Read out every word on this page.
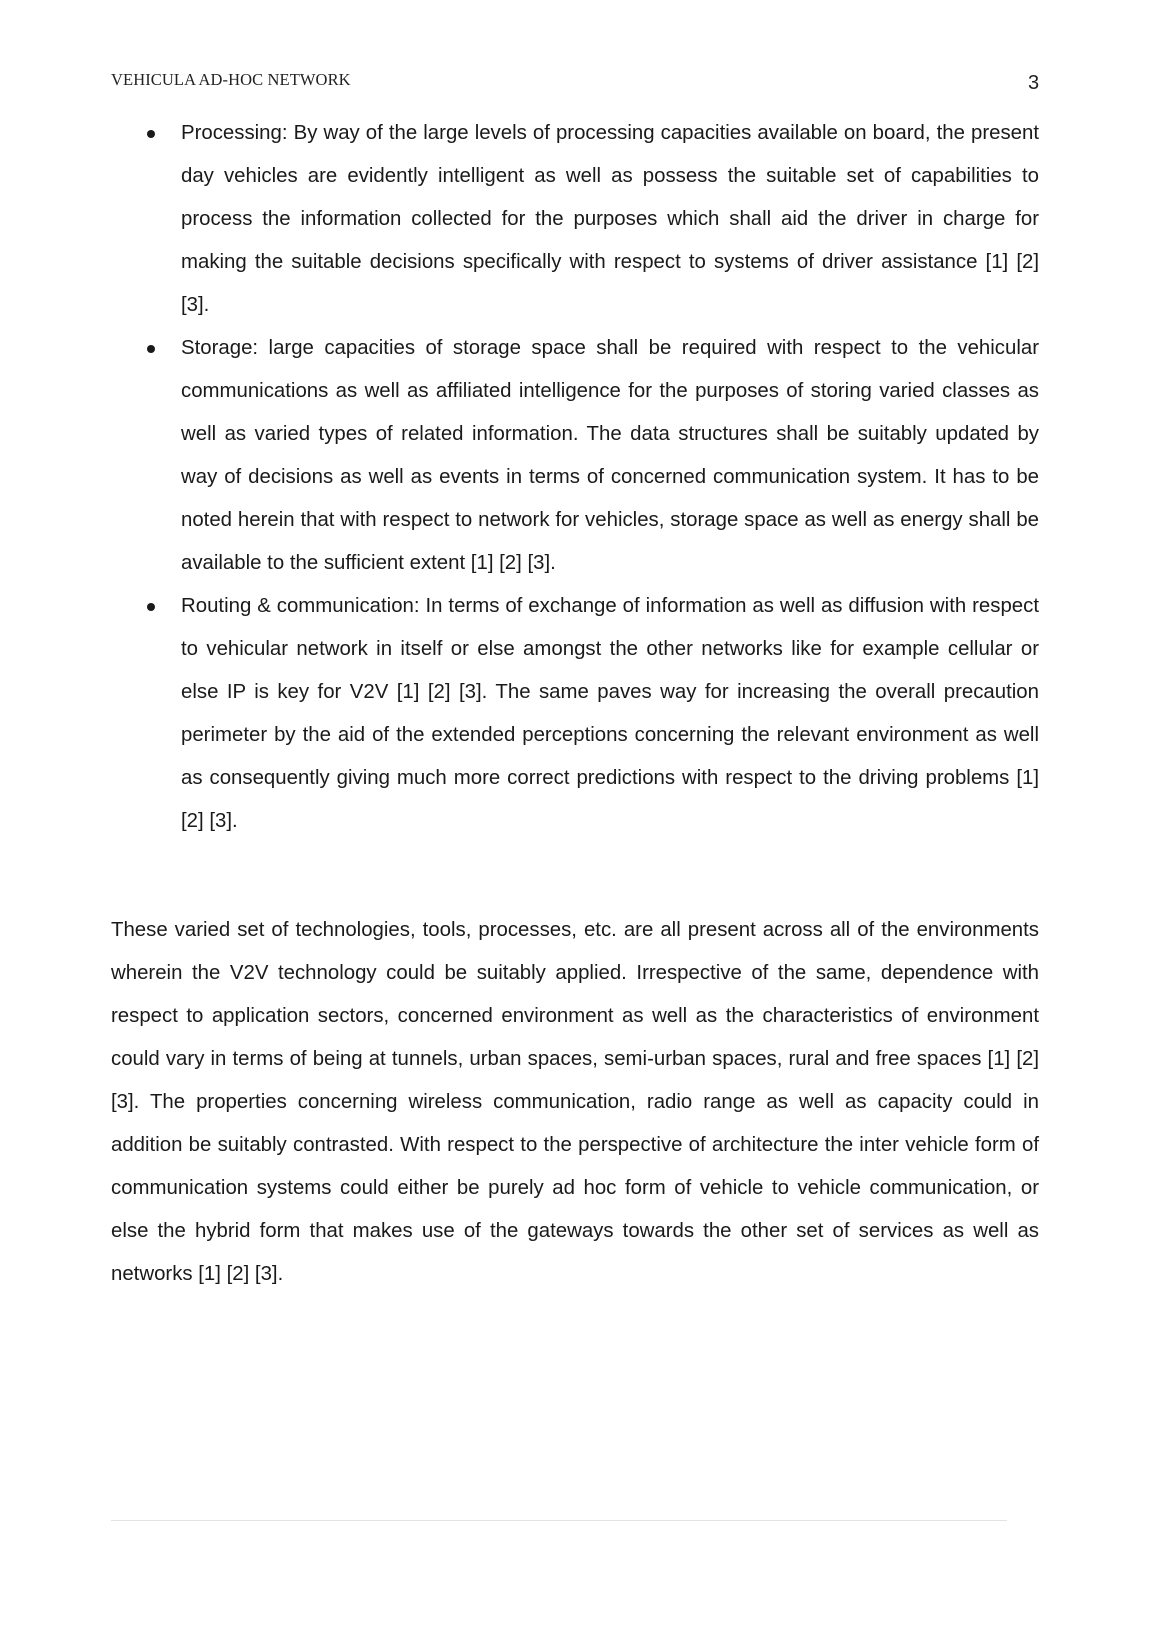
VEHICULA AD-HOC NETWORK	3
Processing: By way of the large levels of processing capacities available on board, the present day vehicles are evidently intelligent as well as possess the suitable set of capabilities to process the information collected for the purposes which shall aid the driver in charge for making the suitable decisions specifically with respect to systems of driver assistance [1] [2] [3].
Storage: large capacities of storage space shall be required with respect to the vehicular communications as well as affiliated intelligence for the purposes of storing varied classes as well as varied types of related information. The data structures shall be suitably updated by way of decisions as well as events in terms of concerned communication system. It has to be noted herein that with respect to network for vehicles, storage space as well as energy shall be available to the sufficient extent [1] [2] [3].
Routing & communication: In terms of exchange of information as well as diffusion with respect to vehicular network in itself or else amongst the other networks like for example cellular or else IP is key for V2V [1] [2] [3]. The same paves way for increasing the overall precaution perimeter by the aid of the extended perceptions concerning the relevant environment as well as consequently giving much more correct predictions with respect to the driving problems [1] [2] [3].

These varied set of technologies, tools, processes, etc. are all present across all of the environments wherein the V2V technology could be suitably applied. Irrespective of the same, dependence with respect to application sectors, concerned environment as well as the characteristics of environment could vary in terms of being at tunnels, urban spaces, semi-urban spaces, rural and free spaces [1] [2] [3]. The properties concerning wireless communication, radio range as well as capacity could in addition be suitably contrasted. With respect to the perspective of architecture the inter vehicle form of communication systems could either be purely ad hoc form of vehicle to vehicle communication, or else the hybrid form that makes use of the gateways towards the other set of services as well as networks [1] [2] [3].
